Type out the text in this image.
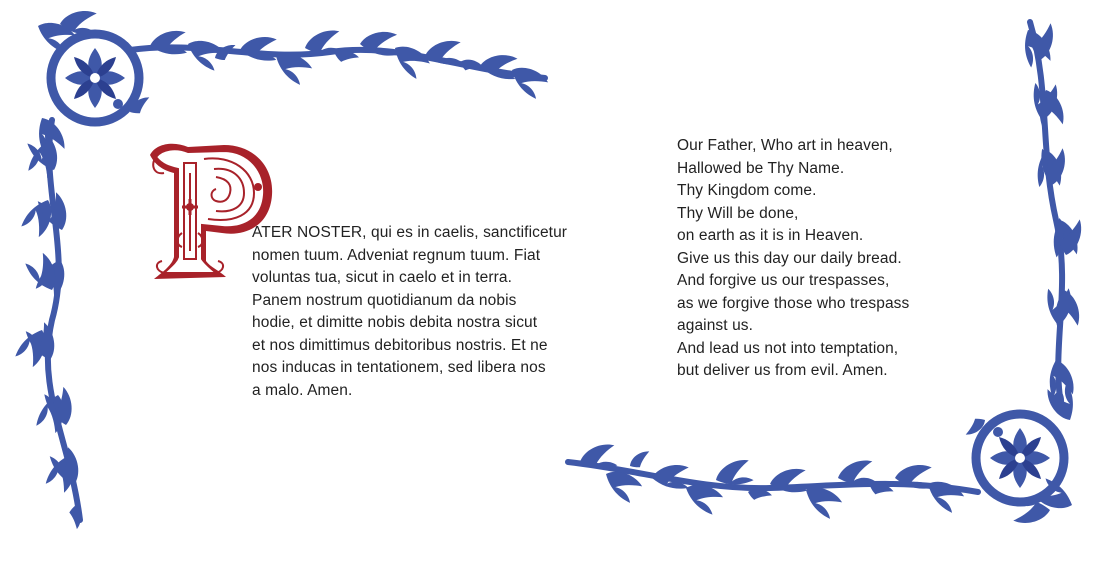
ATER NOSTER, qui es in caelis, sanctificetur
nomen tuum. Adveniat regnum tuum. Fiat
voluntas tua, sicut in caelo et in terra.
Panem nostrum quotidianum da nobis
hodie, et dimitte nobis debita nostra sicut
et nos dimittimus debitoribus nostris. Et ne
nos inducas in tentationem, sed libera nos
a malo. Amen.
Our Father, Who art in heaven,
Hallowed be Thy Name.
Thy Kingdom come.
Thy Will be done,
on earth as it is in Heaven.
Give us this day our daily bread.
And forgive us our trespasses,
as we forgive those who trespass
against us.
And lead us not into temptation,
but deliver us from evil. Amen.
